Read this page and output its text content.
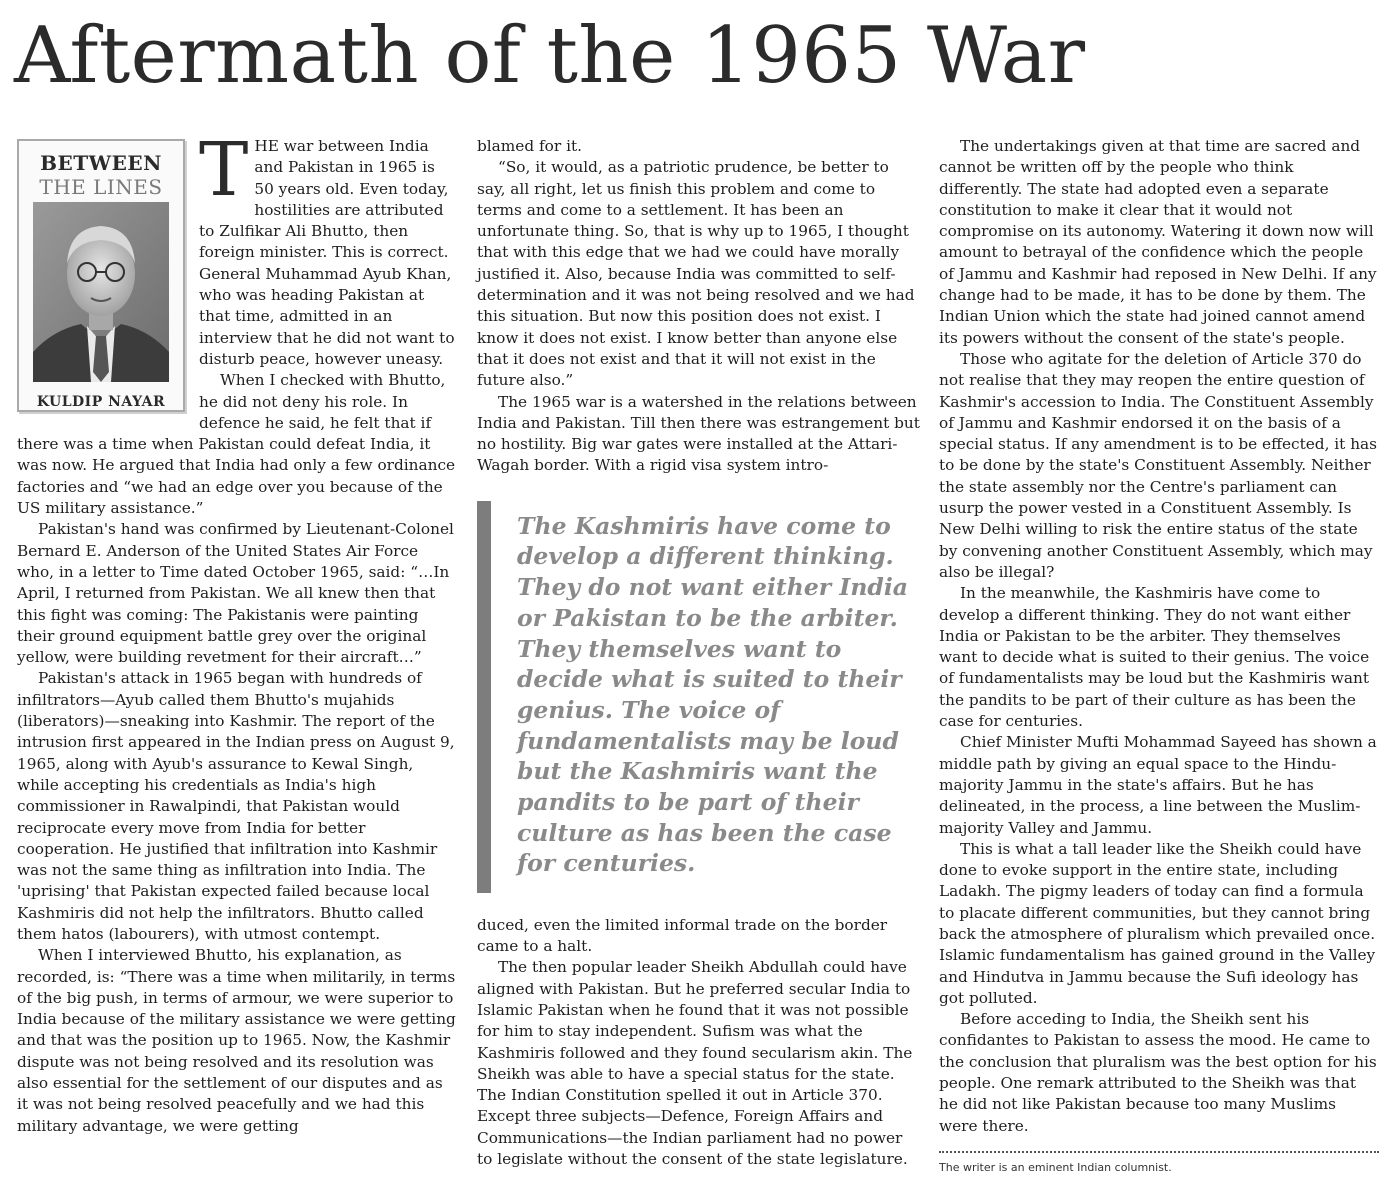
Aftermath of the 1965 War
BETWEEN
THE LINES
KULDIP NAYAR
T HE war between India and Pakistan in 1965 is 50 years old. Even today, hostilities are attributed to Zulfikar Ali Bhutto, then foreign minister. This is correct. General Muhammad Ayub Khan, who was heading Pakistan at that time, admitted in an interview that he did not want to disturb peace, however uneasy.

When I checked with Bhutto, he did not deny his role. In defence he said, he felt that if there was a time when Pakistan could defeat India, it was now. He argued that India had only a few ordinance factories and “we had an edge over you because of the US military assistance.”

Pakistan's hand was confirmed by Lieutenant-Colonel Bernard E. Anderson of the United States Air Force who, in a letter to Time dated October 1965, said: “…In April, I returned from Pakistan. We all knew then that this fight was coming: The Pakistanis were painting their ground equipment battle grey over the original yellow, were building revetment for their aircraft…”

Pakistan's attack in 1965 began with hundreds of infiltrators—Ayub called them Bhutto's mujahids (liberators)—sneaking into Kashmir. The report of the intrusion first appeared in the Indian press on August 9, 1965, along with Ayub's assurance to Kewal Singh, while accepting his credentials as India's high commissioner in Rawalpindi, that Pakistan would reciprocate every move from India for better cooperation. He justified that infiltration into Kashmir was not the same thing as infiltration into India. The 'uprising' that Pakistan expected failed because local Kashmiris did not help the infiltrators. Bhutto called them hatos (labourers), with utmost contempt.

When I interviewed Bhutto, his explanation, as recorded, is: “There was a time when militarily, in terms of the big push, in terms of armour, we were superior to India because of the military assistance we were getting and that was the position up to 1965. Now, the Kashmir dispute was not being resolved and its resolution was also essential for the settlement of our disputes and as it was not being resolved peacefully and we had this military advantage, we were getting

blamed for it.

“So, it would, as a patriotic prudence, be better to say, all right, let us finish this problem and come to terms and come to a settlement. It has been an unfortunate thing. So, that is why up to 1965, I thought that with this edge that we had we could have morally justified it. Also, because India was committed to self-determination and it was not being resolved and we had this situation. But now this position does not exist. I know it does not exist. I know better than anyone else that it does not exist and that it will not exist in the future also.”

The 1965 war is a watershed in the relations between India and Pakistan. Till then there was estrangement but no hostility. Big war gates were installed at the Attari-Wagah border. With a rigid visa system intro-

The Kashmiris have come to develop a different thinking. They do not want either India or Pakistan to be the arbiter. They themselves want to decide what is suited to their genius. The voice of fundamentalists may be loud but the Kashmiris want the pandits to be part of their culture as has been the case for centuries.

duced, even the limited informal trade on the border came to a halt.

The then popular leader Sheikh Abdullah could have aligned with Pakistan. But he preferred secular India to Islamic Pakistan when he found that it was not possible for him to stay independent. Sufism was what the Kashmiris followed and they found secularism akin. The Sheikh was able to have a special status for the state. The Indian Constitution spelled it out in Article 370. Except three subjects—Defence, Foreign Affairs and Communications—the Indian parliament had no power to legislate without the consent of the state legislature.

The undertakings given at that time are sacred and cannot be written off by the people who think differently. The state had adopted even a separate constitution to make it clear that it would not compromise on its autonomy. Watering it down now will amount to betrayal of the confidence which the people of Jammu and Kashmir had reposed in New Delhi. If any change had to be made, it has to be done by them. The Indian Union which the state had joined cannot amend its powers without the consent of the state's people.

Those who agitate for the deletion of Article 370 do not realise that they may reopen the entire question of Kashmir's accession to India. The Constituent Assembly of Jammu and Kashmir endorsed it on the basis of a special status. If any amendment is to be effected, it has to be done by the state's Constituent Assembly. Neither the state assembly nor the Centre's parliament can usurp the power vested in a Constituent Assembly. Is New Delhi willing to risk the entire status of the state by convening another Constituent Assembly, which may also be illegal?

In the meanwhile, the Kashmiris have come to develop a different thinking. They do not want either India or Pakistan to be the arbiter. They themselves want to decide what is suited to their genius. The voice of fundamentalists may be loud but the Kashmiris want the pandits to be part of their culture as has been the case for centuries.

Chief Minister Mufti Mohammad Sayeed has shown a middle path by giving an equal space to the Hindu-majority Jammu in the state's affairs. But he has delineated, in the process, a line between the Muslim-majority Valley and Jammu.

This is what a tall leader like the Sheikh could have done to evoke support in the entire state, including Ladakh. The pigmy leaders of today can find a formula to placate different communities, but they cannot bring back the atmosphere of pluralism which prevailed once. Islamic fundamentalism has gained ground in the Valley and Hindutva in Jammu because the Sufi ideology has got polluted.

Before acceding to India, the Sheikh sent his confidantes to Pakistan to assess the mood. He came to the conclusion that pluralism was the best option for his people. One remark attributed to the Sheikh was that he did not like Pakistan because too many Muslims were there.

The writer is an eminent Indian columnist.
